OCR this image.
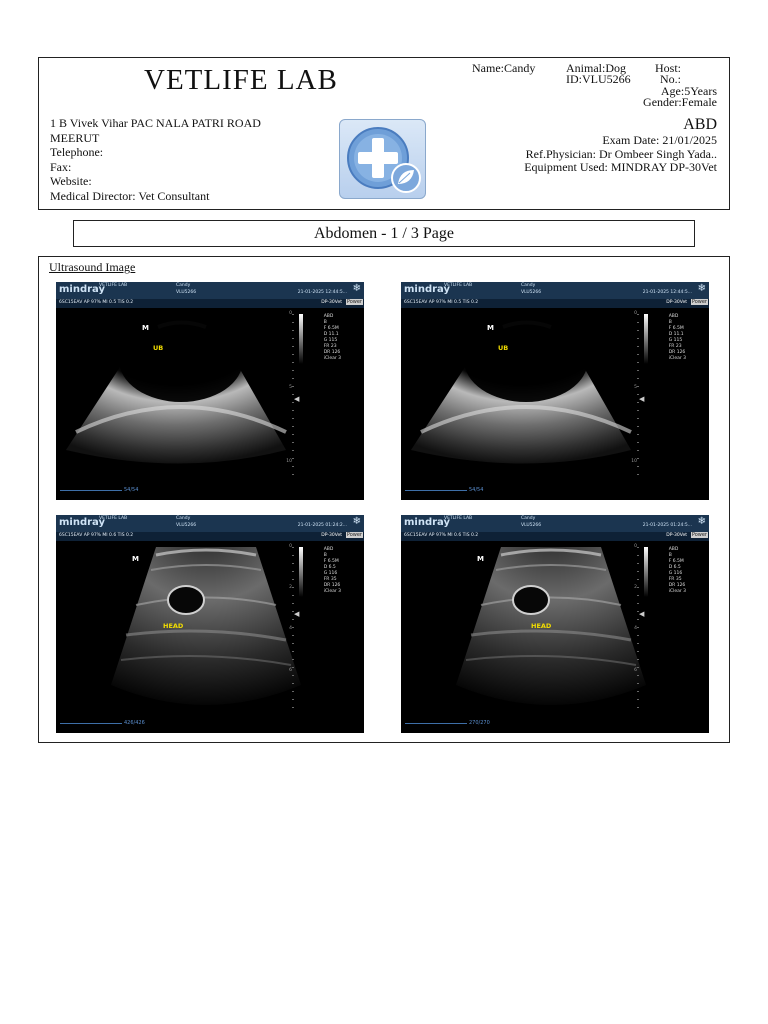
VETLIFE LAB
1 B Vivek Vihar PAC NALA PATRI ROAD
MEERUT
Telephone:
Fax:
Website:
Medical Director: Vet Consultant
Name:Candy	Animal:Dog
ID:VLU5266
Host:
No.:
Age:5Years
Gender:Female
ABD
Exam Date: 21/01/2025
Ref.Physician: Dr Ombeer Singh Yada..
Equipment Used: MINDRAY DP-30Vet
Abdomen - 1 / 3 Page
Ultrasound Image
mindray
VETLIFE LAB	Candy
VLU5266	21-01-2025 12:44:5... ❄
6SC15EAV AP 97% MI 0.5 TIS 0.2	DP-30Vet Power
ABD
B
F 6.5M
D 11.1
G 115
FR 23
DR 126
iClear 3
0
5
10
◀
M
UB
54/54
mindray
VETLIFE LAB	Candy
VLU5266	21-01-2025 12:44:5... ❄
6SC15EAV AP 97% MI 0.5 TIS 0.2	DP-30Vet Power
ABD
B
F 6.5M
D 11.1
G 115
FR 23
DR 126
iClear 3
0
5
10
◀
M
UB
54/54
mindray
VETLIFE LAB	Candy
VLU5266	21-01-2025 01:24:2... ❄
6SC15EAV AP 97% MI 0.6 TIS 0.2	DP-30Vet Power
ABD
B
F 6.5M
D 6.5
G 116
FR 35
DR 126
iClear 3
0
2
4
6
◀
M
HEAD
426/426
mindray
VETLIFE LAB	Candy
VLU5266	21-01-2025 01:24:5... ❄
6SC15EAV AP 97% MI 0.6 TIS 0.2	DP-30Vet Power
ABD
B
F 6.5M
D 6.5
G 116
FR 35
DR 126
iClear 3
0
2
4
6
◀
M
HEAD
270/270
